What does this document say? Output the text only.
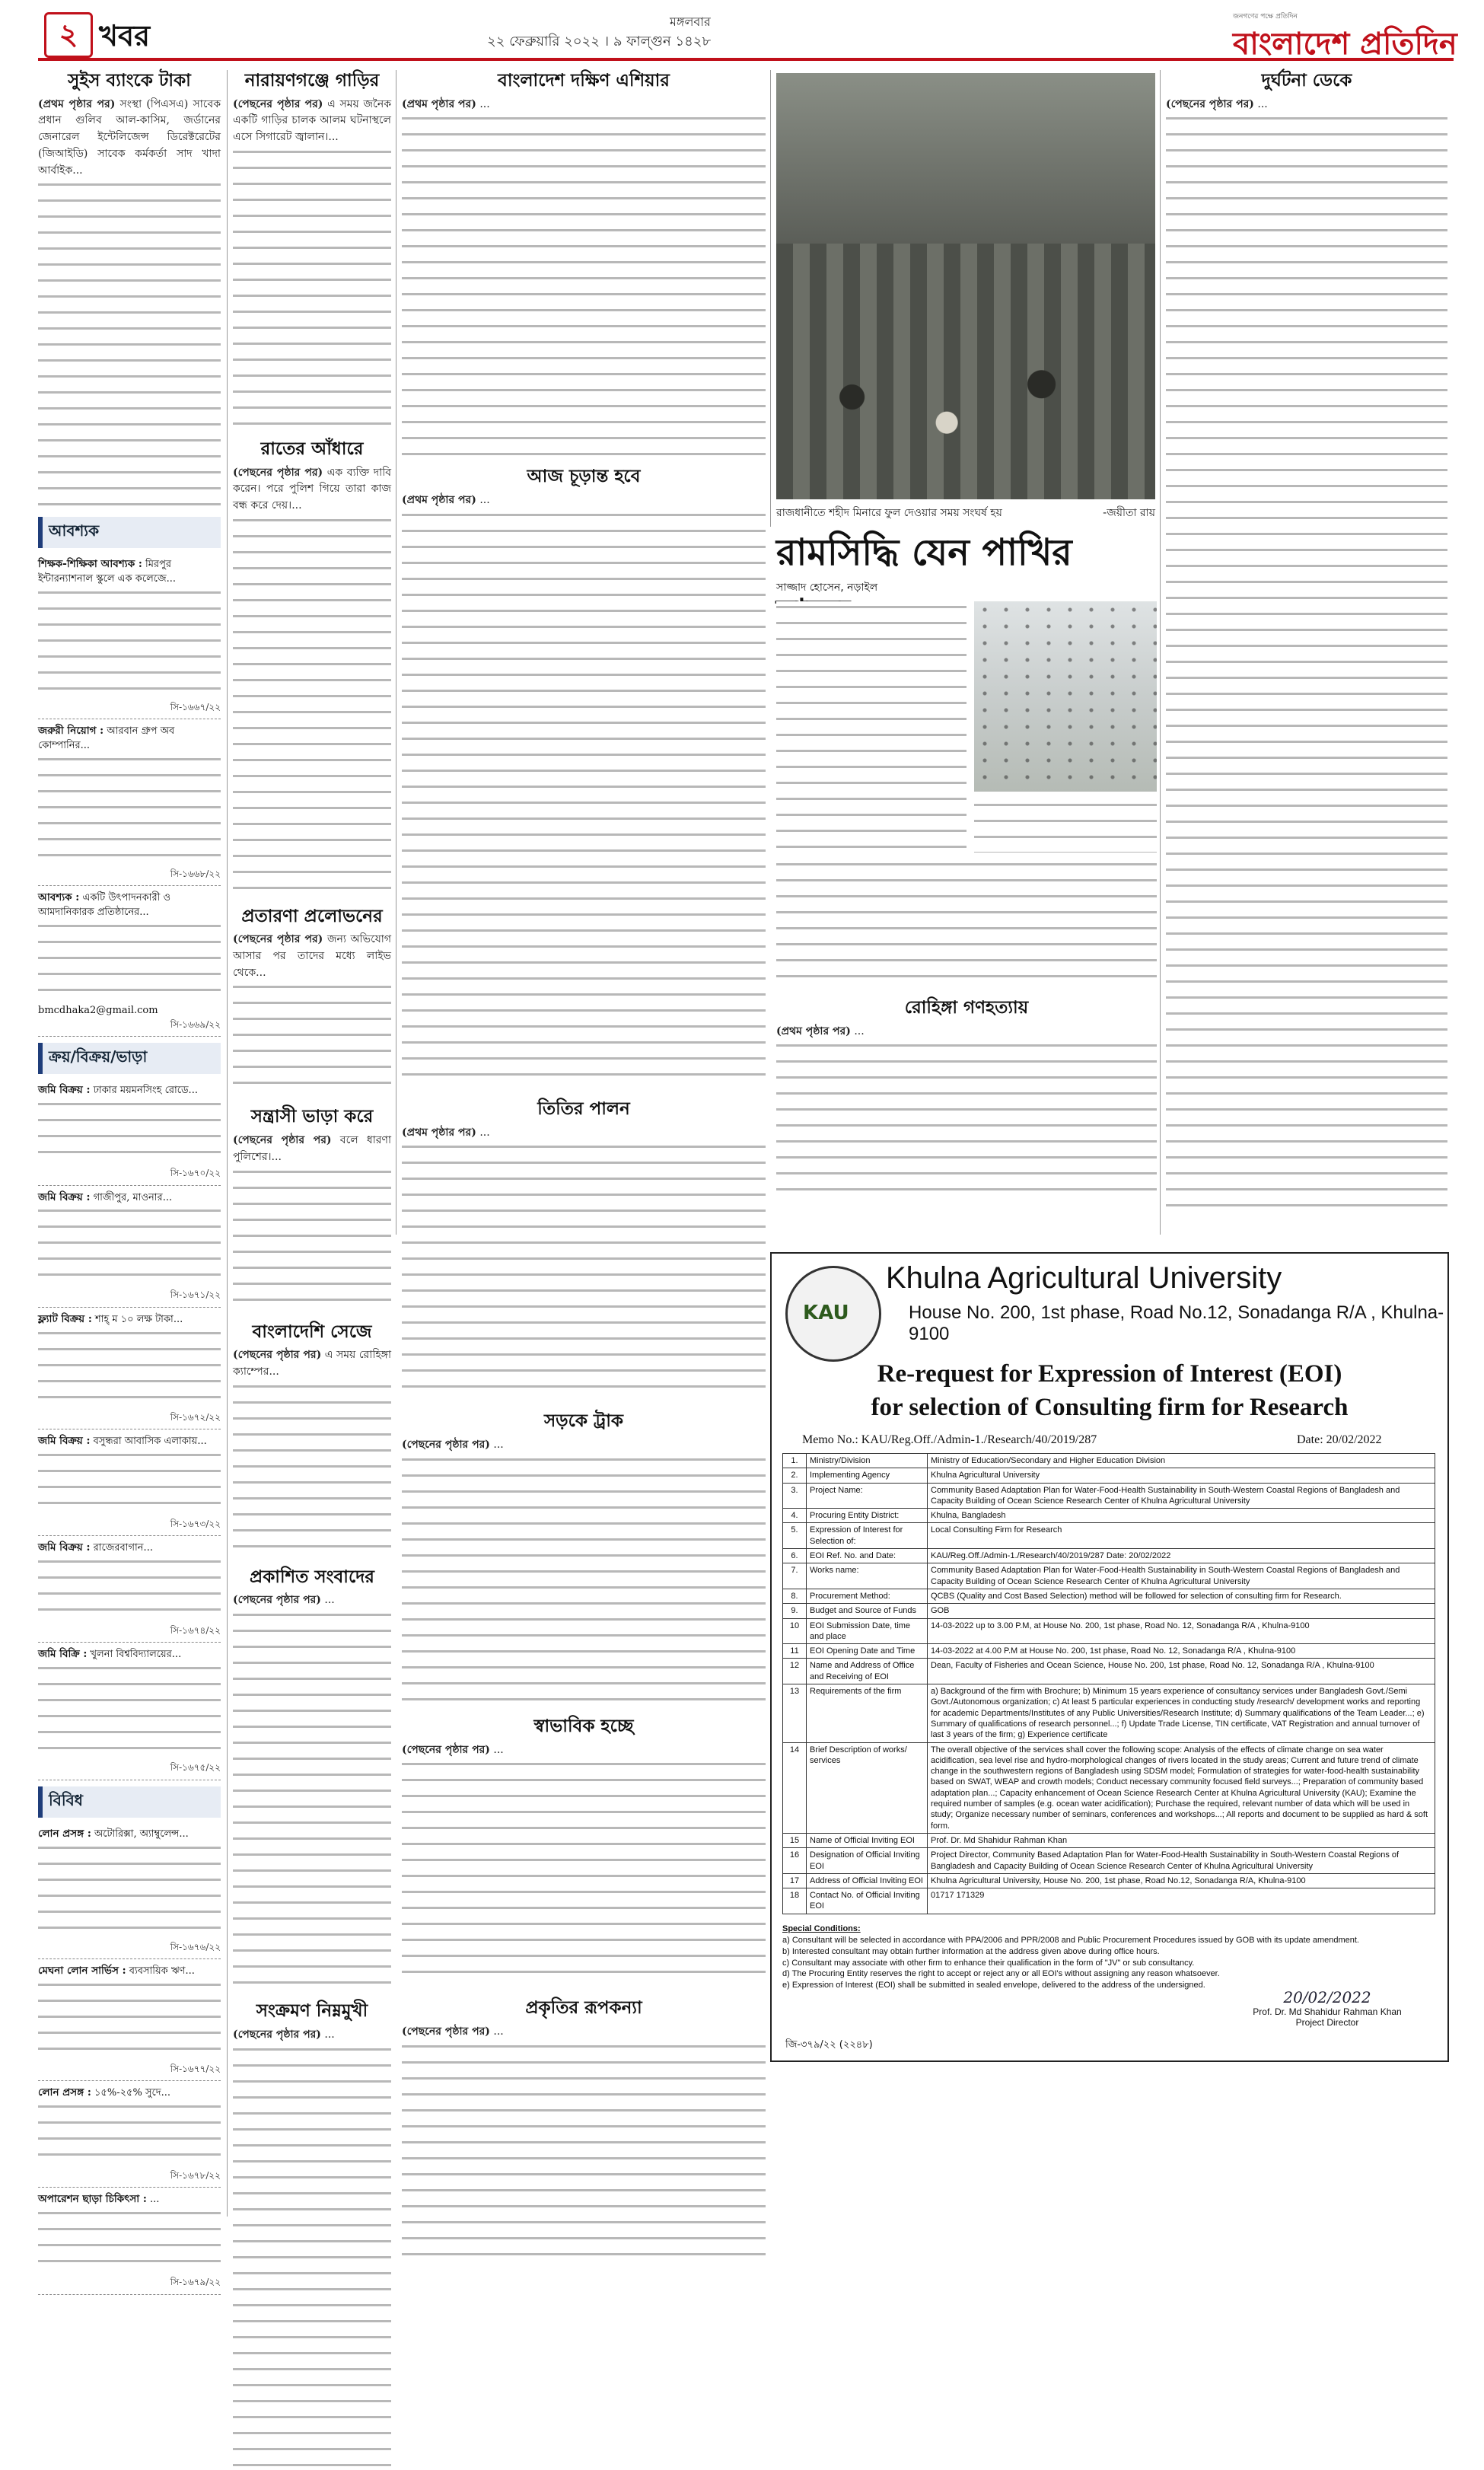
২ খবর	মঙ্গলবার
২২ ফেব্রুয়ারি ২০২২ । ৯ ফাল্গুন ১৪২৮
জনগণের পক্ষে প্রতিদিন
বাংলাদেশ প্রতিদিন
সুইস ব্যাংকে টাকা
(প্রথম পৃষ্ঠার পর) সংস্থা (পিএসএ) সাবেক প্রধান গুলিব আল-কাসিম, জর্ডানের জেনারেল ইন্টেলিজেন্স ডিরেক্টরেটের (জিআইডি) সাবেক কর্মকর্তা সাদ খাদা আর্বাইক...
আবশ্যক
শিক্ষক-শিক্ষিকা আবশ্যক : মিরপুর ইন্টারন্যাশনাল স্কুলে এক কলেজে...
সি-১৬৬৭/২২
জরুরী নিয়োগ : আরবান গ্রুপ অব কোম্পানির...
সি-১৬৬৮/২২
আবশ্যক : একটি উৎপাদনকারী ও আমদানিকারক প্রতিষ্ঠানের...
bmcdhaka2@gmail.com
সি-১৬৬৯/২২
ক্রয়/বিক্রয়/ভাড়া
জমি বিক্রয় : ঢাকার ময়মনসিংহ রোডে...
সি-১৬৭০/২২
জমি বিক্রয় : গাজীপুর, মাওনার...
সি-১৬৭১/২২
ফ্ল্যাট বিক্রয় : শাহ্ ম ১০ লক্ষ টাকা...
সি-১৬৭২/২২
জমি বিক্রয় : বসুন্ধরা আবাসিক এলাকায়...
সি-১৬৭৩/২২
জমি বিক্রয় : রাজেরবাগান...
সি-১৬৭৪/২২
জমি বিক্রি : খুলনা বিশ্ববিদ্যালয়ের...
সি-১৬৭৫/২২
বিবিধ
লোন প্রসঙ্গ : অটোরিক্সা, অ্যাম্বুলেন্স...
সি-১৬৭৬/২২
মেঘনা লোন সার্ভিস : ব্যবসায়িক ঋণ...
সি-১৬৭৭/২২
লোন প্রসঙ্গ : ১৫%-২৫% সুদে...
সি-১৬৭৮/২২
অপারেশন ছাড়া চিকিৎসা : ...
সি-১৬৭৯/২২
নারায়ণগঞ্জে গাড়ির
(পেছনের পৃষ্ঠার পর) এ সময় জনৈক একটি গাড়ির চালক আলম ঘটনাস্থলে এসে সিগারেট জ্বালান।...
রাতের আঁধারে
(পেছনের পৃষ্ঠার পর) এক ব্যক্তি দাবি করেন। পরে পুলিশ গিয়ে তারা কাজ বন্ধ করে দেয়।...
প্রতারণা প্রলোভনের
(পেছনের পৃষ্ঠার পর) জন্য অভিযোগ আসার পর তাদের মধ্যে লাইভ থেকে...
সন্ত্রাসী ভাড়া করে
(পেছনের পৃষ্ঠার পর) বলে ধারণা পুলিশের।...
বাংলাদেশি সেজে
(পেছনের পৃষ্ঠার পর) এ সময় রোহিঙ্গা ক্যাম্পের...
প্রকাশিত সংবাদের
(পেছনের পৃষ্ঠার পর) ...
সংক্রমণ নিম্নমুখী
(পেছনের পৃষ্ঠার পর) ...
বাংলাদেশ দক্ষিণ এশিয়ার
(প্রথম পৃষ্ঠার পর) ...
আজ চূড়ান্ত হবে
(প্রথম পৃষ্ঠার পর) ...
তিতির পালন
(প্রথম পৃষ্ঠার পর) ...
সড়কে ট্রাক
(পেছনের পৃষ্ঠার পর) ...
স্বাভাবিক হচ্ছে
(পেছনের পৃষ্ঠার পর) ...
প্রকৃতির রূপকন্যা
(পেছনের পৃষ্ঠার পর) ...
রাজধানীতে শহীদ মিনারে ফুল দেওয়ার সময় সংঘর্ষ হয়	-জয়ীতা রায়
রামসিদ্ধি যেন পাখির
সাজ্জাদ হোসেন, নড়াইল
রোহিঙ্গা গণহত্যায়
(প্রথম পৃষ্ঠার পর) ...
দুর্ঘটনা ডেকে
(পেছনের পৃষ্ঠার পর) ...
KAU
Khulna Agricultural University
House No. 200, 1st phase, Road No.12, Sonadanga R/A , Khulna-9100
Re-request for Expression of Interest (EOI)
for selection of Consulting firm for Research
Memo No.: KAU/Reg.Off./Admin-1./Research/40/2019/287	Date: 20/02/2022
1.	Ministry/Division	Ministry of Education/Secondary and Higher Education Division
2.	Implementing Agency	Khulna Agricultural University
3.	Project Name:	Community Based Adaptation Plan for Water-Food-Health Sustainability in South-Western Coastal Regions of Bangladesh and Capacity Building of Ocean Science Research Center of Khulna Agricultural University
4.	Procuring Entity District:	Khulna, Bangladesh
5.	Expression of Interest for Selection of:	Local Consulting Firm for Research
6.	EOI Ref. No. and Date:	KAU/Reg.Off./Admin-1./Research/40/2019/287 Date: 20/02/2022
7.	Works name:	Community Based Adaptation Plan for Water-Food-Health Sustainability in South-Western Coastal Regions of Bangladesh and Capacity Building of Ocean Science Research Center of Khulna Agricultural University
8.	Procurement Method:	QCBS (Quality and Cost Based Selection) method will be followed for selection of consulting firm for Research.
9.	Budget and Source of Funds	GOB
10	EOI Submission Date, time and place	14-03-2022 up to 3.00 P.M, at House No. 200, 1st phase, Road No. 12, Sonadanga R/A , Khulna-9100
11	EOI Opening Date and Time	14-03-2022 at 4.00 P.M at House No. 200, 1st phase, Road No. 12, Sonadanga R/A , Khulna-9100
12	Name and Address of Office and Receiving of EOI	Dean, Faculty of Fisheries and Ocean Science, House No. 200, 1st phase, Road No. 12, Sonadanga R/A , Khulna-9100
13	Requirements of the firm	a) Background of the firm with Brochure; b) Minimum 15 years experience of consultancy services under Bangladesh Govt./Semi Govt./Autonomous organization; c) At least 5 particular experiences in conducting study /research/ development works and reporting for academic Departments/Institutes of any Public Universities/Research Institute; d) Summary qualifications of the Team Leader...; e) Summary of qualifications of research personnel...; f) Update Trade License, TIN certificate, VAT Registration and annual turnover of last 3 years of the firm; g) Experience certificate
14	Brief Description of works/ services	The overall objective of the services shall cover the following scope: Analysis of the effects of climate change on sea water acidification, sea level rise and hydro-morphological changes of rivers located in the study areas; Current and future trend of climate change in the southwestern regions of Bangladesh using SDSM model; Formulation of strategies for water-food-health sustainability based on SWAT, WEAP and crowth models; Conduct necessary community focused field surveys...; Preparation of community based adaptation plan...; Capacity enhancement of Ocean Science Research Center at Khulna Agricultural University (KAU); Examine the required number of samples (e.g. ocean water acidification); Purchase the required, relevant number of data which will be used in study; Organize necessary number of seminars, conferences and workshops...; All reports and document to be supplied as hard & soft form.
15	Name of Official Inviting EOI	Prof. Dr. Md Shahidur Rahman Khan
16	Designation of Official Inviting EOI	Project Director, Community Based Adaptation Plan for Water-Food-Health Sustainability in South-Western Coastal Regions of Bangladesh and Capacity Building of Ocean Science Research Center of Khulna Agricultural University
17	Address of Official Inviting EOI	Khulna Agricultural University, House No. 200, 1st phase, Road No.12, Sonadanga R/A, Khulna-9100
18	Contact No. of Official Inviting EOI	01717 171329
Special Conditions:
a) Consultant will be selected in accordance with PPA/2006 and PPR/2008 and Public Procurement Procedures issued by GOB with its update amendment.
b) Interested consultant may obtain further information at the address given above during office hours.
c) Consultant may associate with other firm to enhance their qualification in the form of "JV" or sub consultancy.
d) The Procuring Entity reserves the right to accept or reject any or all EOI's without assigning any reason whatsoever.
e) Expression of Interest (EOI) shall be submitted in sealed envelope, delivered to the address of the undersigned.
20/02/2022
Prof. Dr. Md Shahidur Rahman Khan
Project Director
জি-৩৭৯/২২ (২২৪৮)
